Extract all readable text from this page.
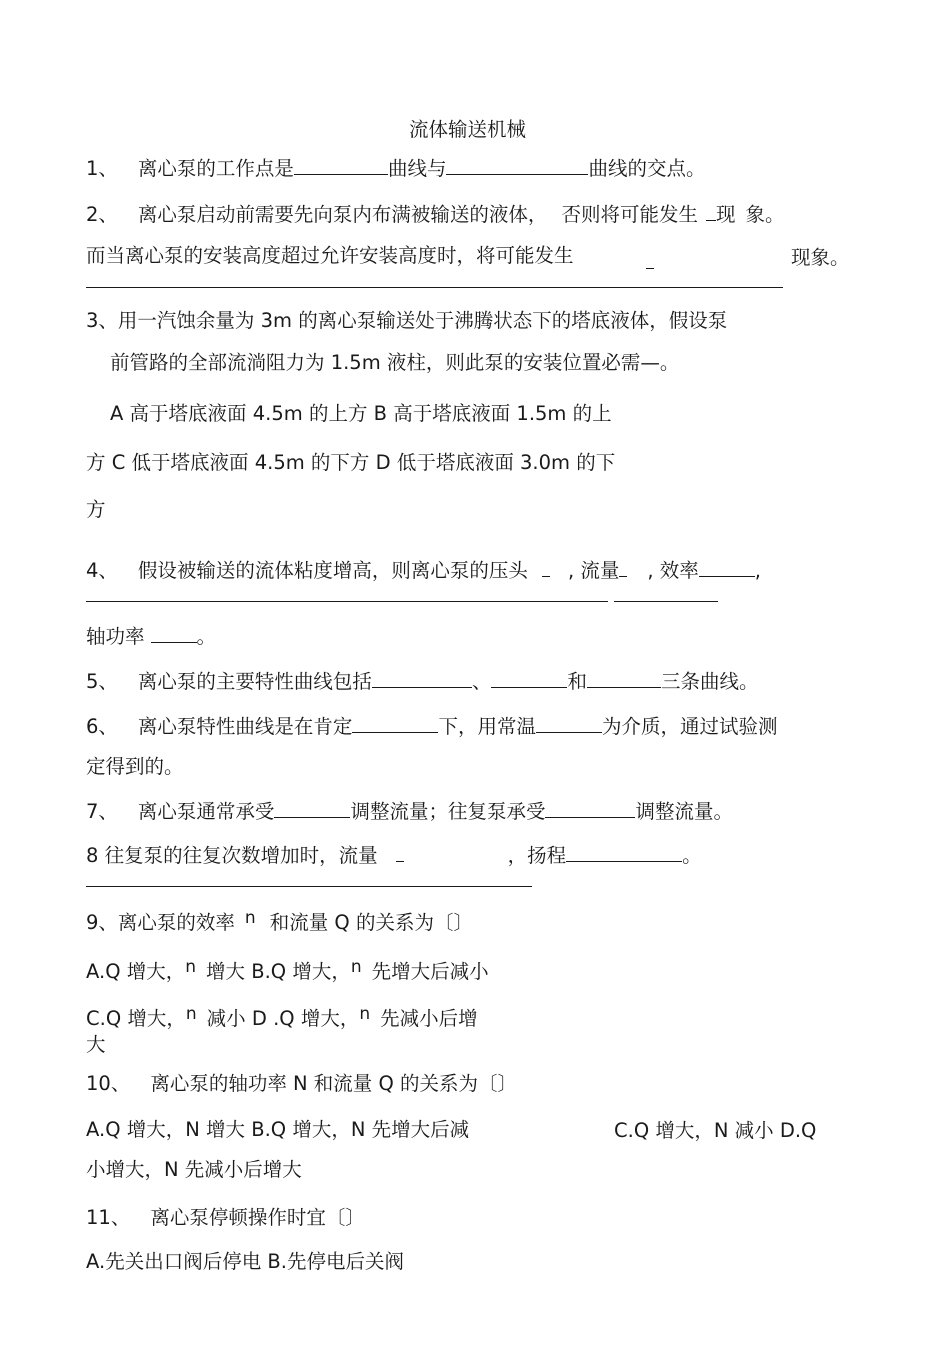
流体输送机械
1、 离心泵的工作点是	曲线与	曲线的交点。
2、 离心泵启动前需要先向泵内布满被输送的液体， 否则将可能发生 现 象。
而当离心泵的安装高度超过允许安装高度时，将可能发生	现象。
3、用一汽蚀余量为 3m 的离心泵输送处于沸腾状态下的塔底液体，假设泵
前管路的全部流淌阻力为 1.5m 液柱，则此泵的安装位置必需—。
A 高于塔底液面 4.5m 的上方 B 高于塔底液面 1.5m 的上
方 C 低于塔底液面 4.5m 的下方 D 低于塔底液面 3.0m 的下
方
4、 假设被输送的流体粘度增高，则离心泵的压头 , 流量 , 效率	,
轴功率	。
5、 离心泵的主要特性曲线包括	、	和	三条曲线。
6、 离心泵特性曲线是在肯定	下，用常温	为介质，通过试验测
定得到的。
7、 离心泵通常承受	调整流量；往复泵承受	调整流量。
8 往复泵的往复次数增加时，流量	，扬程	。
9、离心泵的效率 n 和流量 Q 的关系为〔〕
A.Q 增大，n 增大 B.Q 增大，n 先增大后减小
C.Q 增大，n 减小 D .Q 增大，n 先减小后增
大
10、 离心泵的轴功率 N 和流量 Q 的关系为〔〕
A.Q 增大，N 增大 B.Q 增大，N 先增大后减	C.Q 增大，N 减小 D.Q
小增大，N 先减小后增大
11、 离心泵停顿操作时宜〔〕
A.先关出口阀后停电 B.先停电后关阀
